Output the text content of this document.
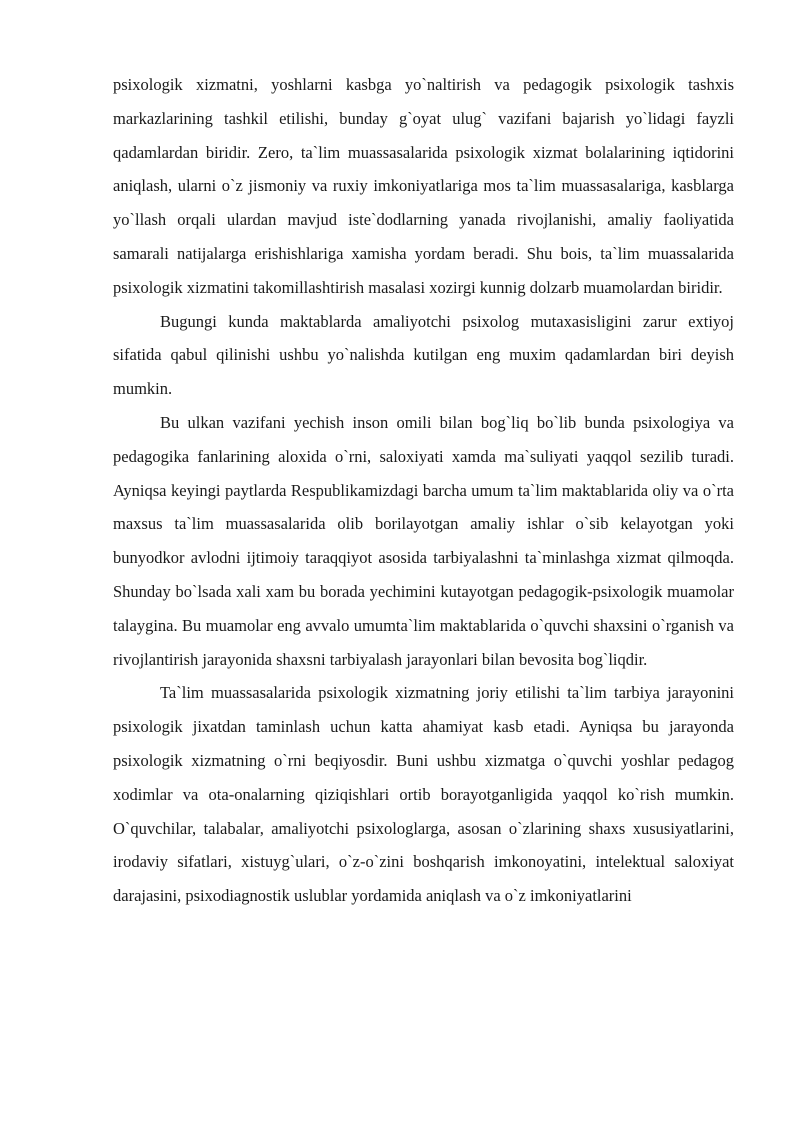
psixologik xizmatni, yoshlarni kasbga yo`naltirish va pedagogik psixologik tashxis markazlarining tashkil etilishi, bunday g`oyat ulug` vazifani bajarish yo`lidagi fayzli qadamlardan biridir. Zero, ta`lim muassasalarida psixologik xizmat bolalarining iqtidorini aniqlash, ularni o`z jismoniy va ruxiy imkoniyatlariga mos ta`lim muassasalariga, kasblarga yo`llash orqali ulardan mavjud iste`dodlarning yanada rivojlanishi, amaliy faoliyatida samarali natijalarga erishishlariga xamisha yordam beradi. Shu bois, ta`lim muassalarida psixologik xizmatini takomillashtirish masalasi xozirgi kunnig dolzarb muamolardan biridir.

Bugungi kunda maktablarda amaliyotchi psixolog mutaxasisligini zarur extiyoj sifatida qabul qilinishi ushbu yo`nalishda kutilgan eng muxim qadamlardan biri deyish mumkin.

Bu ulkan vazifani yechish inson omili bilan bog`liq bo`lib bunda psixologiya va pedagogika fanlarining aloxida o`rni, saloxiyati xamda ma`suliyati yaqqol sezilib turadi. Ayniqsa keyingi paytlarda Respublikamizdagi barcha umum ta`lim maktablarida oliy va o`rta maxsus ta`lim muassasalarida olib borilayotgan amaliy ishlar o`sib kelayotgan yoki bunyodkor avlodni ijtimoiy taraqqiyot asosida tarbiyalashni ta`minlashga xizmat qilmoqda. Shunday bo`lsada xali xam bu borada yechimini kutayotgan pedagogik-psixologik muamolar talaygina. Bu muamolar eng avvalo umumta`lim maktablarida o`quvchi shaxsini o`rganish va rivojlantirish jarayonida shaxsni tarbiyalash jarayonlari bilan bevosita bog`liqdir.

Ta`lim muassasalarida psixologik xizmatning joriy etilishi ta`lim tarbiya jarayonini psixologik jixatdan taminlash uchun katta ahamiyat kasb etadi. Ayniqsa bu jarayonda psixologik xizmatning o`rni beqiyosdir. Buni ushbu xizmatga o`quvchi yoshlar pedagog xodimlar va ota-onalarning qiziqishlari ortib borayotganligida yaqqol ko`rish mumkin. O`quvchilar, talabalar, amaliyotchi psixologlarga, asosan o`zlarining shaxs xususiyatlarini, irodaviy sifatlari, xistuyg`ulari, o`z-o`zini boshqarish imkonoyatini, intelektual saloxiyat darajasini, psixodiagnostik uslublar yordamida aniqlash va o`z imkoniyatlarini
